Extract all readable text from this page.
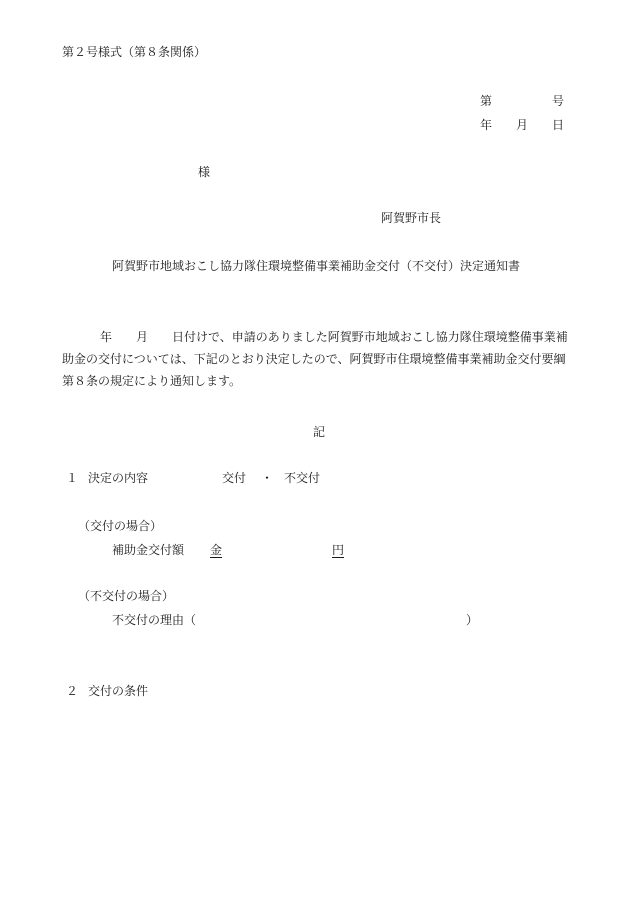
第２号様式（第８条関係）
第	号
年 月 日
様
阿賀野市長
阿賀野市地域おこし協力隊住環境整備事業補助金交付（不交付）決定通知書
年 月 日付けで、申請のありました阿賀野市地域おこし協力隊住環境整備事業補
助金の交付については、下記のとおり決定したので、阿賀野市住環境整備事業補助金交付要綱
第８条の規定により通知します。
記
１ 決定の内容	交付 ・ 不交付
（交付の場合）
補助金交付額 金	円
（不交付の場合）
不交付の理由（	）
２ 交付の条件
